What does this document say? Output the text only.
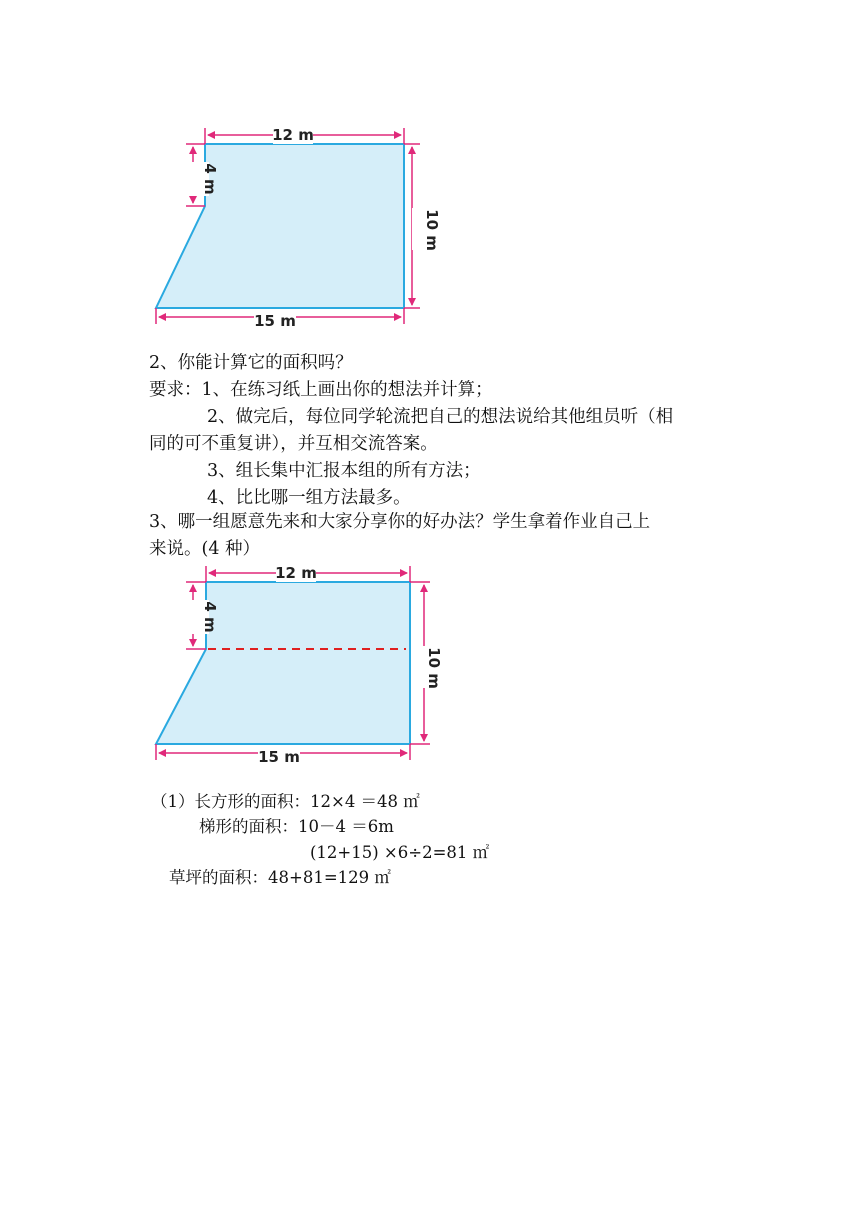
12 m
4 m
10 m
15 m
2、你能计算它的面积吗？
要求：1、在练习纸上画出你的想法并计算；
2、做完后，每位同学轮流把自己的想法说给其他组员听（相
同的可不重复讲），并互相交流答案。
3、组长集中汇报本组的所有方法；
4、比比哪一组方法最多。
3、哪一组愿意先来和大家分享你的好办法？学生拿着作业自己上
来说。(4 种）
12 m
4 m
10 m
15 m
（1）长方形的面积：12×4 ＝48 ㎡
梯形的面积：10－4 ＝6m
(12+15) ×6÷2=81 ㎡
草坪的面积：48+81=129 ㎡
